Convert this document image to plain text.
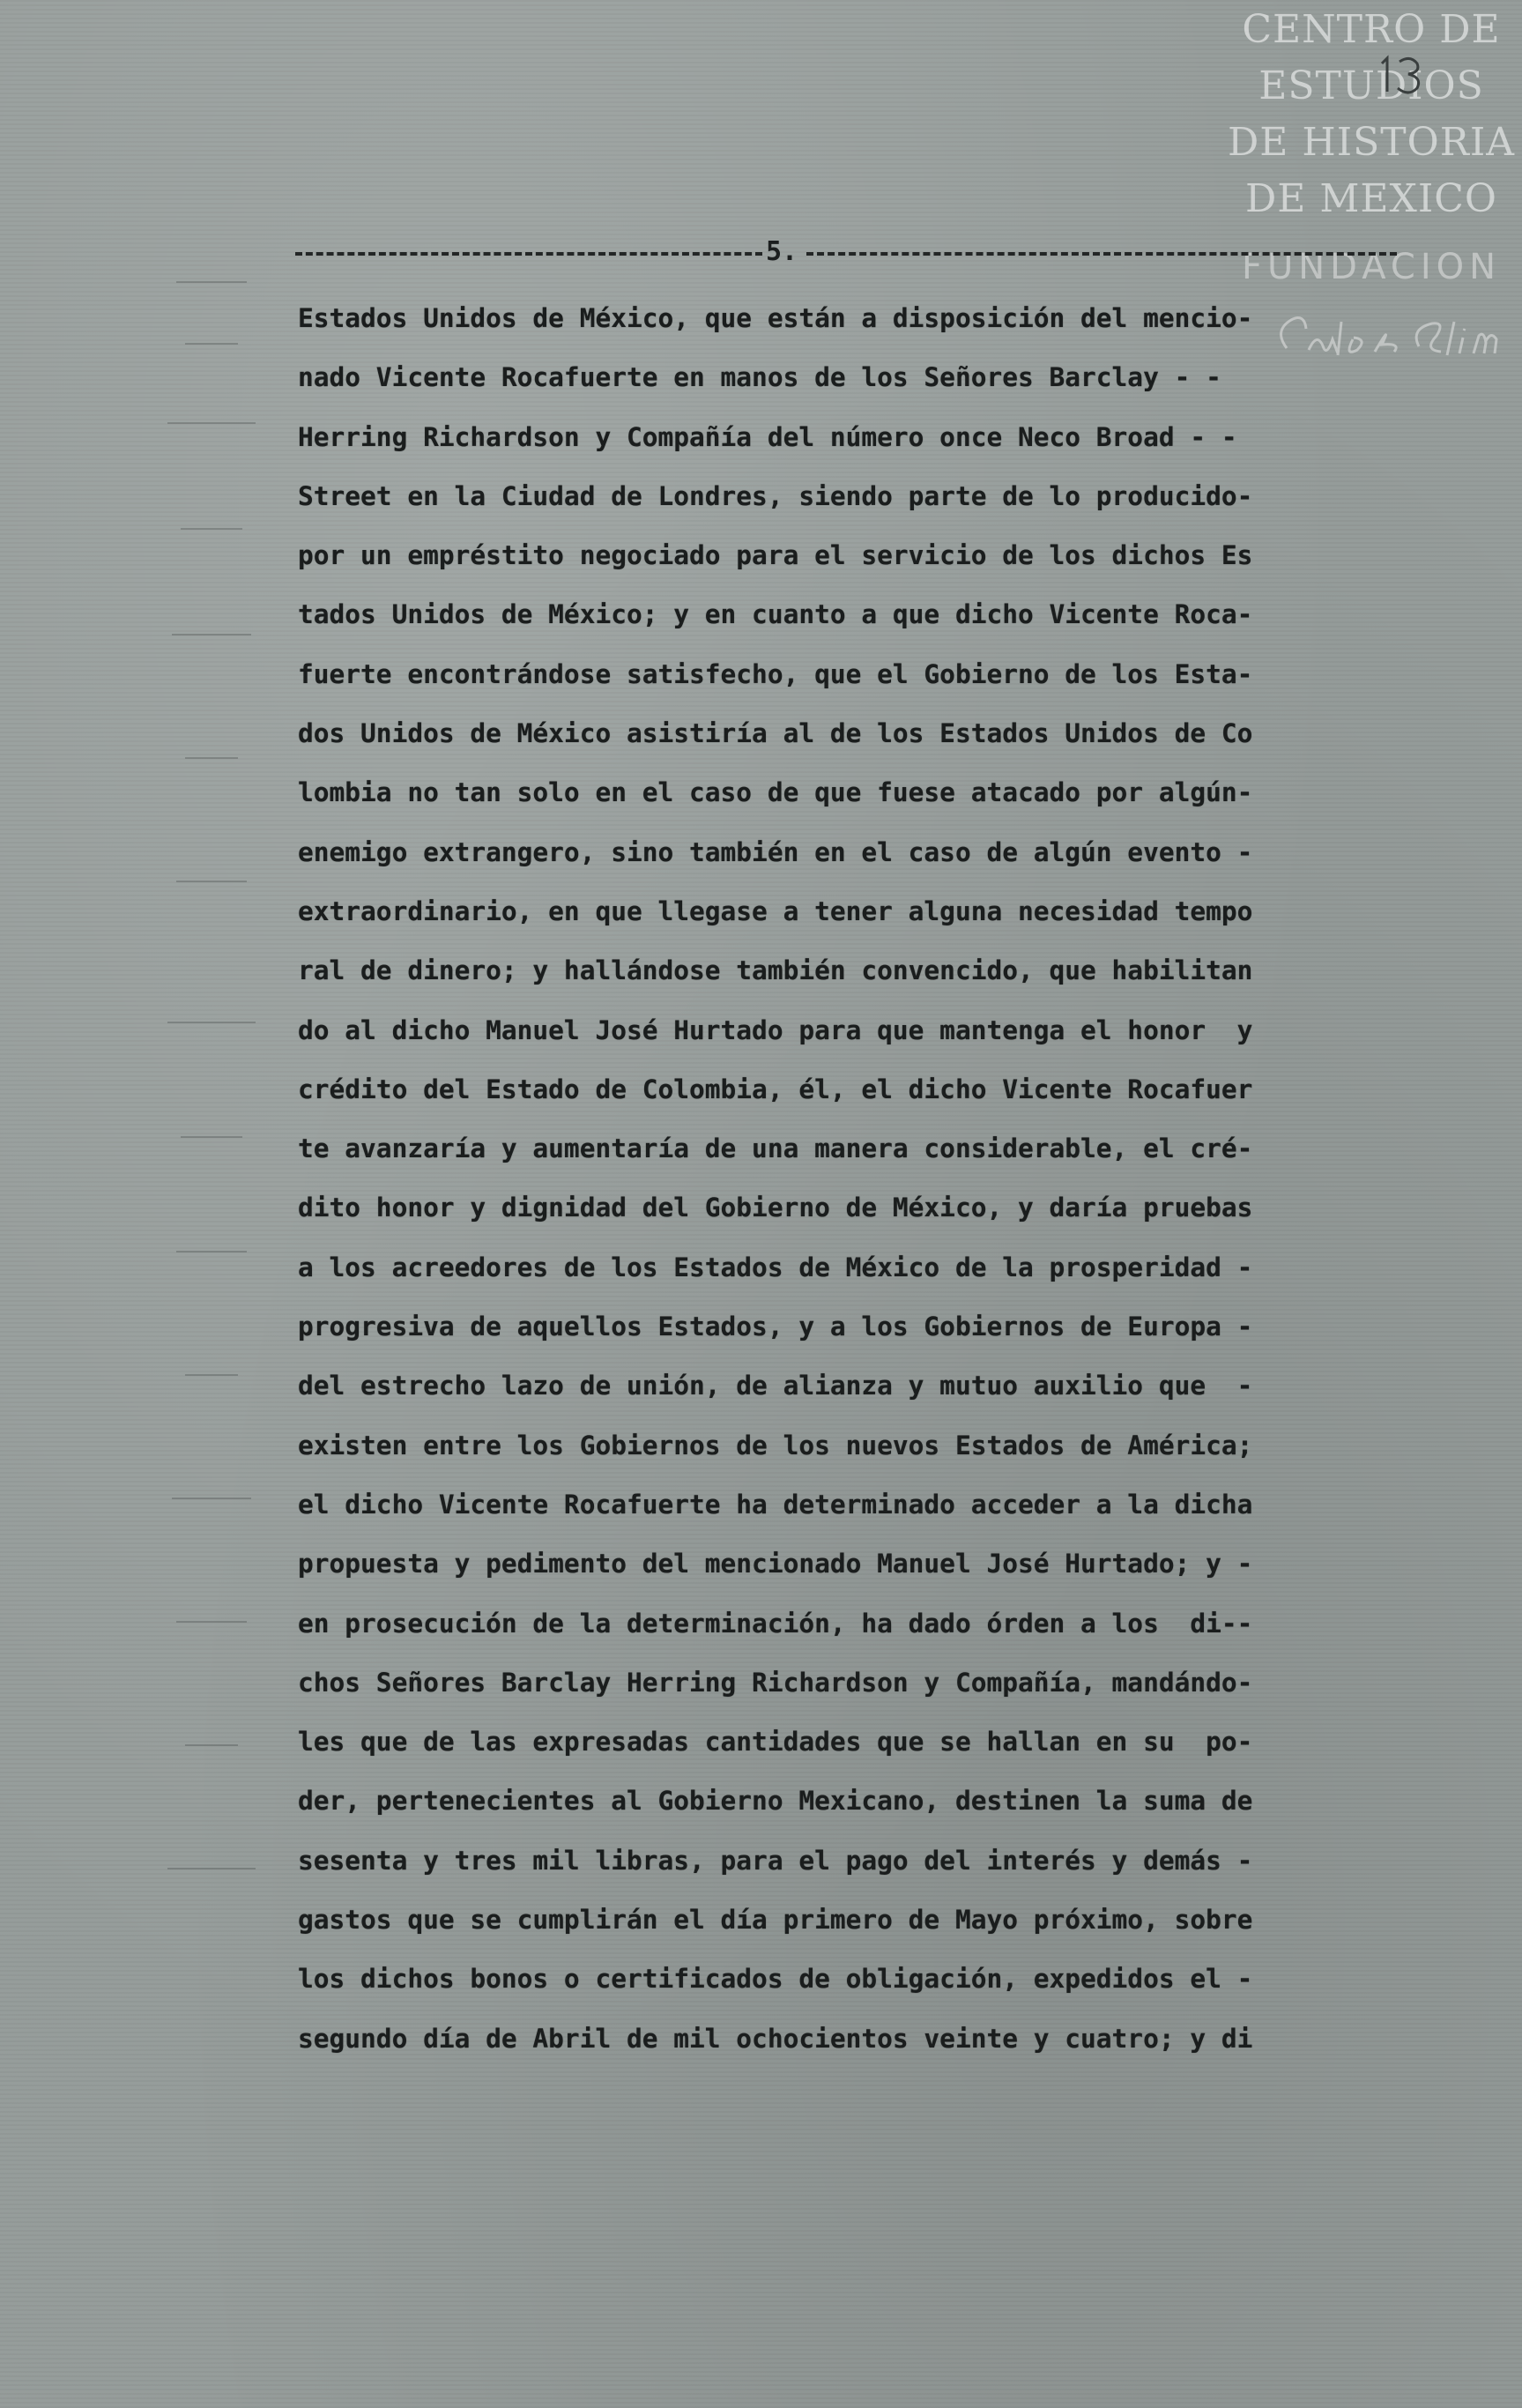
CENTRO DE
ESTUDIOS
DE HISTORIA
DE MEXICO
FUNDACION
5.
Estados Unidos de México, que están a disposición del mencio-
nado Vicente Rocafuerte en manos de los Señores Barclay - -
Herring Richardson y Compañía del número once Neco Broad - -
Street en la Ciudad de Londres, siendo parte de lo producido-
por un empréstito negociado para el servicio de los dichos Es
tados Unidos de México; y en cuanto a que dicho Vicente Roca-
fuerte encontrándose satisfecho, que el Gobierno de los Esta-
dos Unidos de México asistiría al de los Estados Unidos de Co
lombia no tan solo en el caso de que fuese atacado por algún-
enemigo extrangero, sino también en el caso de algún evento -
extraordinario, en que llegase a tener alguna necesidad tempo
ral de dinero; y hallándose también convencido, que habilitan
do al dicho Manuel José Hurtado para que mantenga el honor  y
crédito del Estado de Colombia, él, el dicho Vicente Rocafuer
te avanzaría y aumentaría de una manera considerable, el cré-
dito honor y dignidad del Gobierno de México, y daría pruebas
a los acreedores de los Estados de México de la prosperidad -
progresiva de aquellos Estados, y a los Gobiernos de Europa -
del estrecho lazo de unión, de alianza y mutuo auxilio que  -
existen entre los Gobiernos de los nuevos Estados de América;
el dicho Vicente Rocafuerte ha determinado acceder a la dicha
propuesta y pedimento del mencionado Manuel José Hurtado; y -
en prosecución de la determinación, ha dado órden a los  di--
chos Señores Barclay Herring Richardson y Compañía, mandándo-
les que de las expresadas cantidades que se hallan en su  po-
der, pertenecientes al Gobierno Mexicano, destinen la suma de
sesenta y tres mil libras, para el pago del interés y demás -
gastos que se cumplirán el día primero de Mayo próximo, sobre
los dichos bonos o certificados de obligación, expedidos el -
segundo día de Abril de mil ochocientos veinte y cuatro; y di
